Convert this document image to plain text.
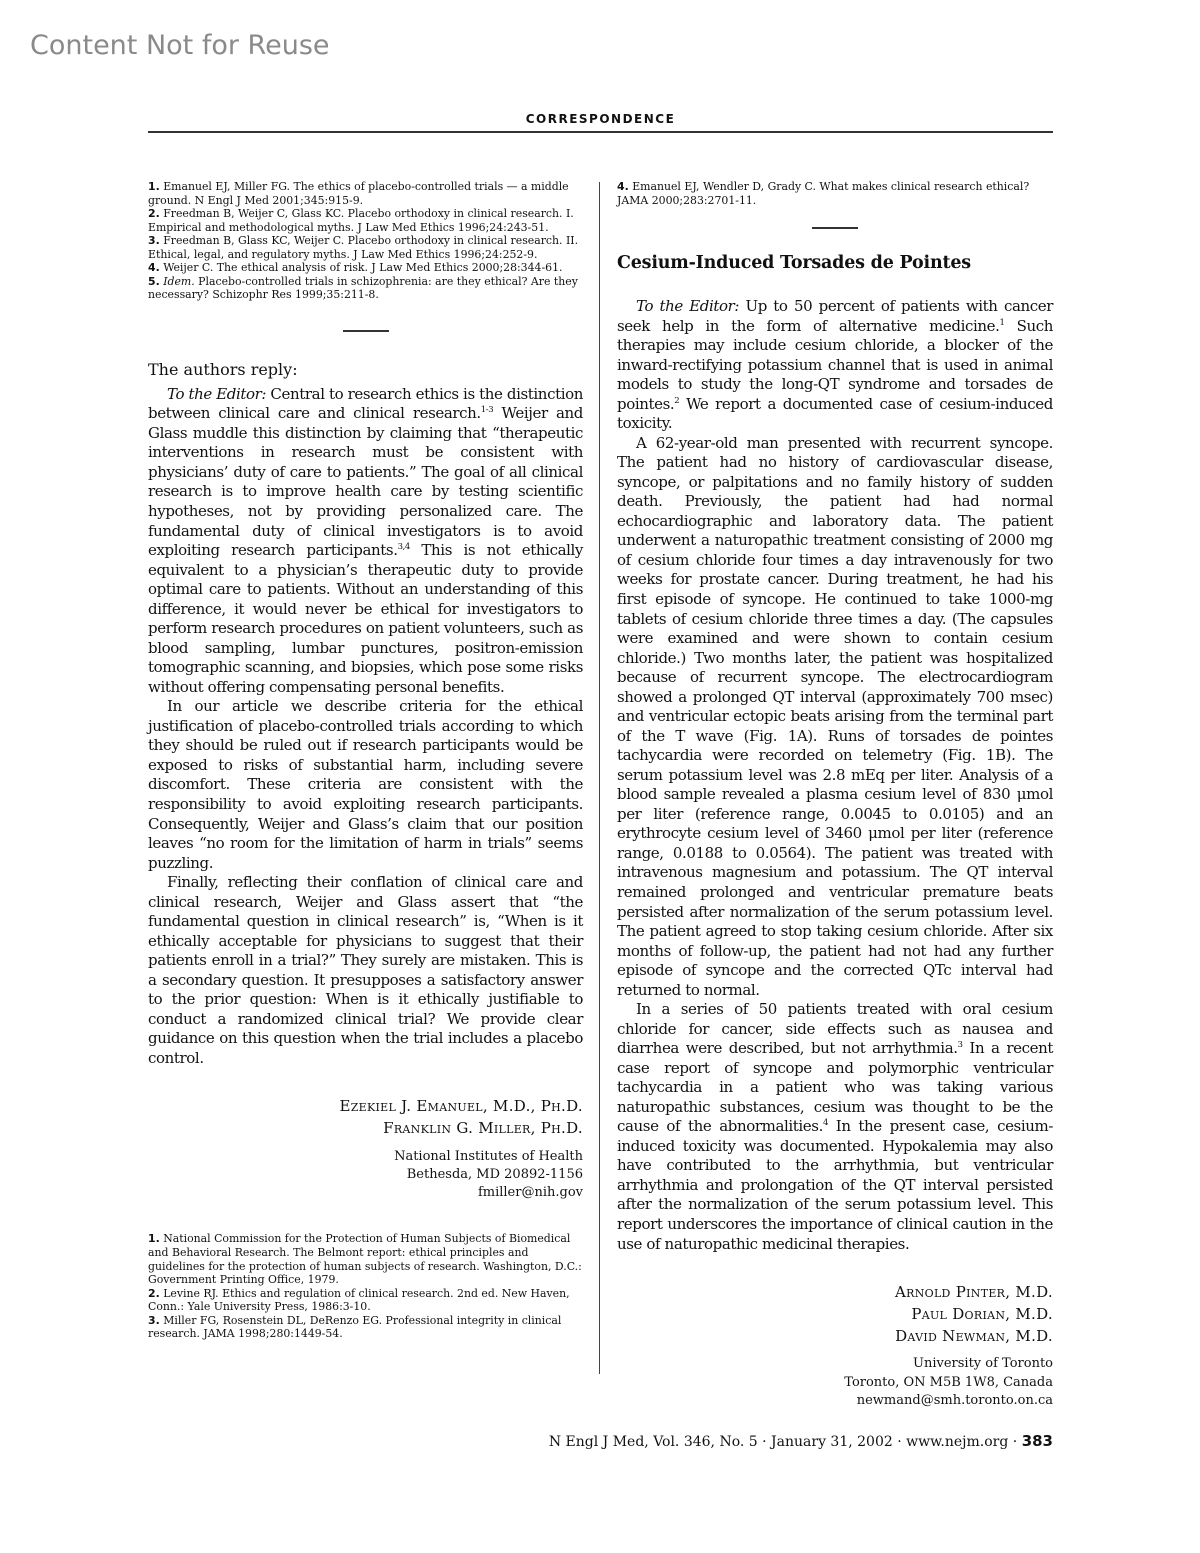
Content Not for Reuse
CORRESPONDENCE

1. Emanuel EJ, Miller FG. The ethics of placebo-controlled trials — a middle ground. N Engl J Med 2001;345:915-9.

2. Freedman B, Weijer C, Glass KC. Placebo orthodoxy in clinical research. I. Empirical and methodological myths. J Law Med Ethics 1996;24:243-51.

3. Freedman B, Glass KC, Weijer C. Placebo orthodoxy in clinical research. II. Ethical, legal, and regulatory myths. J Law Med Ethics 1996;24:252-9.

4. Weijer C. The ethical analysis of risk. J Law Med Ethics 2000;28:344-61.

5. Idem. Placebo-controlled trials in schizophrenia: are they ethical? Are they necessary? Schizophr Res 1999;35:211-8.

The authors reply:

To the Editor: Central to research ethics is the distinction between clinical care and clinical research.$^{1-3}$ Weijer and Glass muddle this distinction by claiming that “therapeutic interventions in research must be consistent with physicians’ duty of care to patients.” The goal of all clinical research is to improve health care by testing scientific hypotheses, not by providing personalized care. The fundamental duty of clinical investigators is to avoid exploiting research participants.$^{3,4}$ This is not ethically equivalent to a physician’s therapeutic duty to provide optimal care to patients. Without an understanding of this difference, it would never be ethical for investigators to perform research procedures on patient volunteers, such as blood sampling, lumbar punctures, positron-emission tomographic scanning, and biopsies, which pose some risks without offering compensating personal benefits.

In our article we describe criteria for the ethical justification of placebo-controlled trials according to which they should be ruled out if research participants would be exposed to risks of substantial harm, including severe discomfort. These criteria are consistent with the responsibility to avoid exploiting research participants. Consequently, Weijer and Glass’s claim that our position leaves “no room for the limitation of harm in trials” seems puzzling.

Finally, reflecting their conflation of clinical care and clinical research, Weijer and Glass assert that “the fundamental question in clinical research” is, “When is it ethically acceptable for physicians to suggest that their patients enroll in a trial?” They surely are mistaken. This is a secondary question. It presupposes a satisfactory answer to the prior question: When is it ethically justifiable to conduct a randomized clinical trial? We provide clear guidance on this question when the trial includes a placebo control.

Ezekiel J. Emanuel, M.D., Ph.D.
Franklin G. Miller, Ph.D.
National Institutes of Health
Bethesda, MD 20892-1156
fmiller@nih.gov

1. National Commission for the Protection of Human Subjects of Biomedical and Behavioral Research. The Belmont report: ethical principles and guidelines for the protection of human subjects of research. Washington, D.C.: Government Printing Office, 1979.

2. Levine RJ. Ethics and regulation of clinical research. 2nd ed. New Haven, Conn.: Yale University Press, 1986:3-10.

3. Miller FG, Rosenstein DL, DeRenzo EG. Professional integrity in clinical research. JAMA 1998;280:1449-54.

4. Emanuel EJ, Wendler D, Grady C. What makes clinical research ethical? JAMA 2000;283:2701-11.

Cesium-Induced Torsades de Pointes

To the Editor: Up to 50 percent of patients with cancer seek help in the form of alternative medicine.$^1$ Such therapies may include cesium chloride, a blocker of the inward-rectifying potassium channel that is used in animal models to study the long-QT syndrome and torsades de pointes.$^2$ We report a documented case of cesium-induced toxicity.

A 62-year-old man presented with recurrent syncope. The patient had no history of cardiovascular disease, syncope, or palpitations and no family history of sudden death. Previously, the patient had had normal echocardiographic and laboratory data. The patient underwent a naturopathic treatment consisting of 2000 mg of cesium chloride four times a day intravenously for two weeks for prostate cancer. During treatment, he had his first episode of syncope. He continued to take 1000-mg tablets of cesium chloride three times a day. (The capsules were examined and were shown to contain cesium chloride.) Two months later, the patient was hospitalized because of recurrent syncope. The electrocardiogram showed a prolonged QT interval (approximately 700 msec) and ventricular ectopic beats arising from the terminal part of the T wave (Fig. 1A). Runs of torsades de pointes tachycardia were recorded on telemetry (Fig. 1B). The serum potassium level was 2.8 mEq per liter. Analysis of a blood sample revealed a plasma cesium level of 830 μmol per liter (reference range, 0.0045 to 0.0105) and an erythrocyte cesium level of 3460 μmol per liter (reference range, 0.0188 to 0.0564). The patient was treated with intravenous magnesium and potassium. The QT interval remained prolonged and ventricular premature beats persisted after normalization of the serum potassium level. The patient agreed to stop taking cesium chloride. After six months of follow-up, the patient had not had any further episode of syncope and the corrected QTc interval had returned to normal.

In a series of 50 patients treated with oral cesium chloride for cancer, side effects such as nausea and diarrhea were described, but not arrhythmia.$^3$ In a recent case report of syncope and polymorphic ventricular tachycardia in a patient who was taking various naturopathic substances, cesium was thought to be the cause of the abnormalities.$^4$ In the present case, cesium-induced toxicity was documented. Hypokalemia may also have contributed to the arrhythmia, but ventricular arrhythmia and prolongation of the QT interval persisted after the normalization of the serum potassium level. This report underscores the importance of clinical caution in the use of naturopathic medicinal therapies.

Arnold Pinter, M.D.
Paul Dorian, M.D.
David Newman, M.D.
University of Toronto
Toronto, ON M5B 1W8, Canada
newmand@smh.toronto.on.ca
N Engl J Med, Vol. 346, No. 5 · January 31, 2002 · www.nejm.org · 383
